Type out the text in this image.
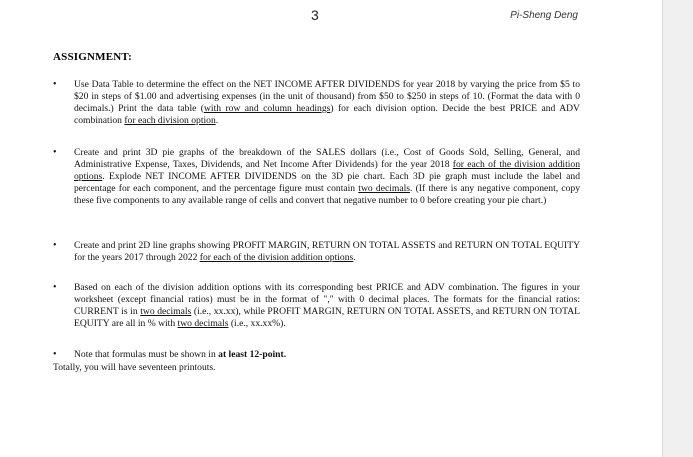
3	Pi-Sheng Deng
ASSIGNMENT:
• Use Data Table to determine the effect on the NET INCOME AFTER DIVIDENDS for year 2018 by varying the price from $5 to $20 in steps of $1.00 and advertising expenses (in the unit of thousand) from $50 to $250 in steps of 10. (Format the data with 0 decimals.) Print the data table (with row and column headings) for each division option. Decide the best PRICE and ADV combination for each division option.
• Create and print 3D pie graphs of the breakdown of the SALES dollars (i.e., Cost of Goods Sold, Selling, General, and Administrative Expense, Taxes, Dividends, and Net Income After Dividends) for the year 2018 for each of the division addition options. Explode NET INCOME AFTER DIVIDENDS on the 3D pie chart. Each 3D pie graph must include the label and percentage for each component, and the percentage figure must contain two decimals. (If there is any negative component, copy these five components to any available range of cells and convert that negative number to 0 before creating your pie chart.)
• Create and print 2D line graphs showing PROFIT MARGIN, RETURN ON TOTAL ASSETS and RETURN ON TOTAL EQUITY for the years 2017 through 2022 for each of the division addition options.
• Based on each of the division addition options with its corresponding best PRICE and ADV combination. The figures in your worksheet (except financial ratios) must be in the format of "," with 0 decimal places. The formats for the financial ratios: CURRENT is in two decimals (i.e., xx.xx), while PROFIT MARGIN, RETURN ON TOTAL ASSETS, and RETURN ON TOTAL EQUITY are all in % with two decimals (i.e., xx.xx%).
• Note that formulas must be shown in at least 12-point.
Totally, you will have seventeen printouts.
